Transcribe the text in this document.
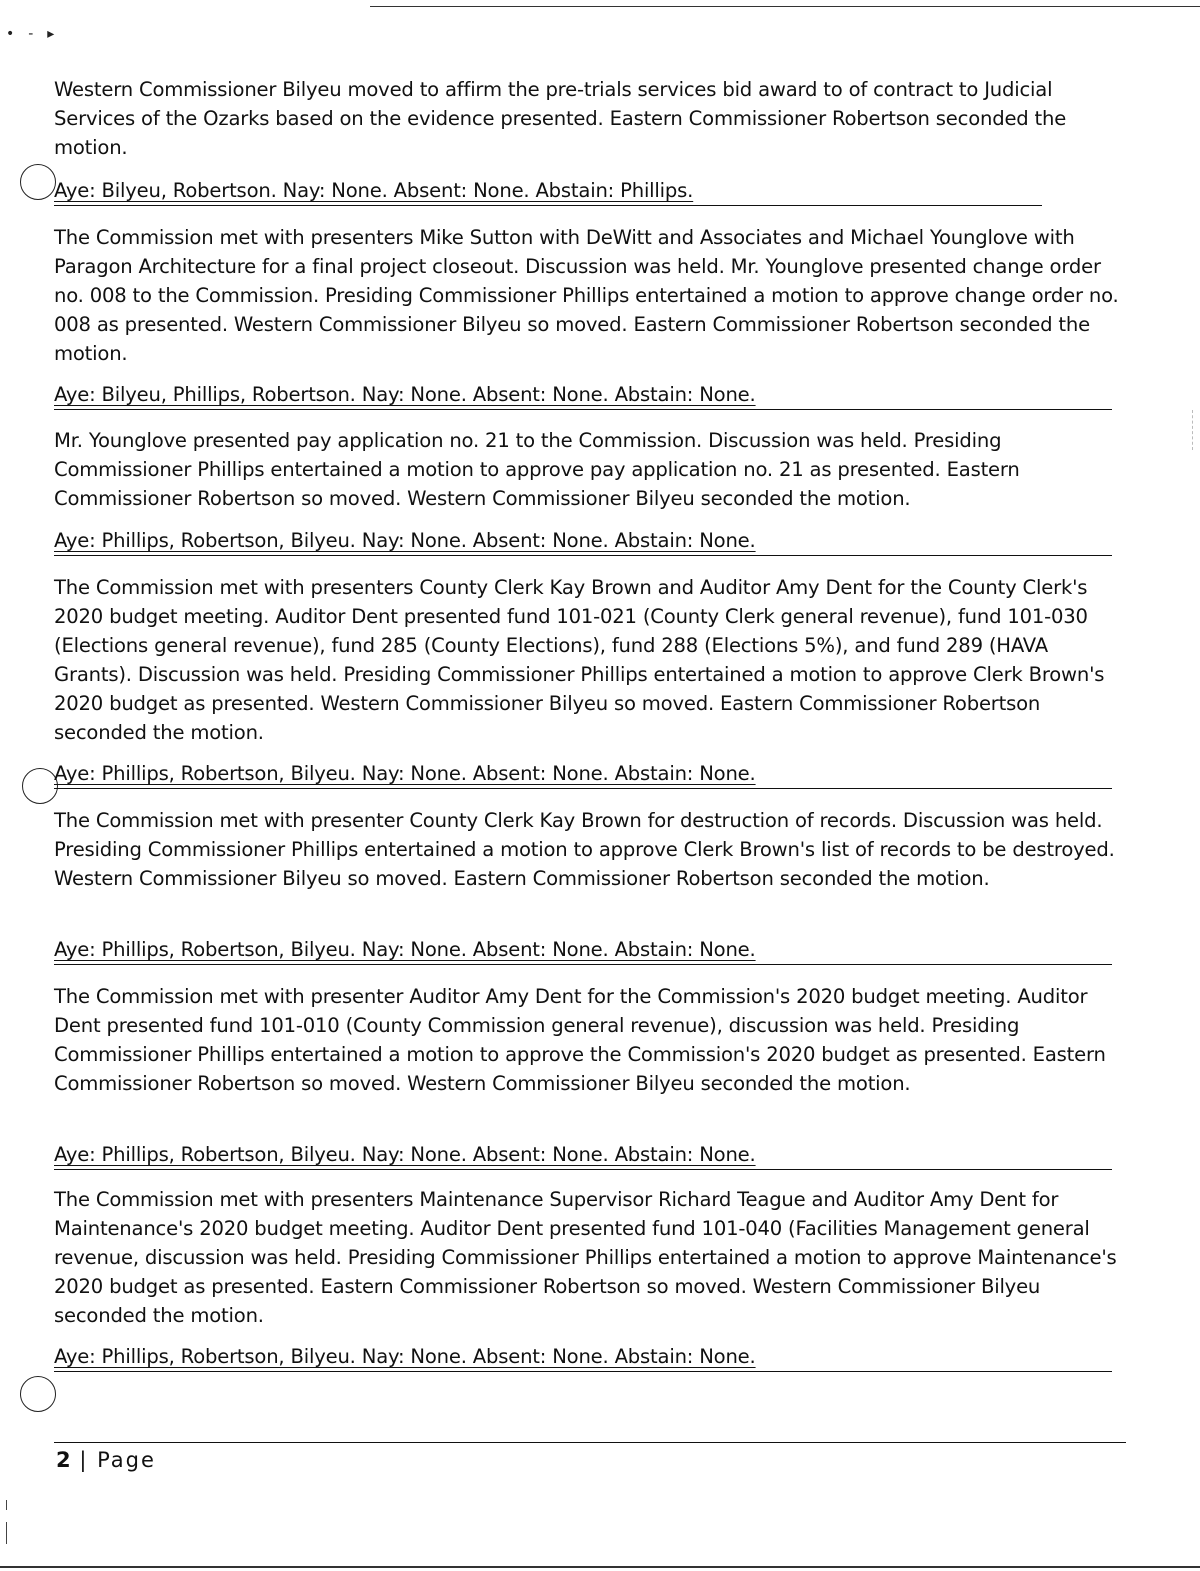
•-▸

Western Commissioner Bilyeu moved to affirm the pre-trials services bid award to of contract to Judicial Services of the Ozarks based on the evidence presented. Eastern Commissioner Robertson seconded the motion.

Aye: Bilyeu, Robertson. Nay: None. Absent: None. Abstain: Phillips.

The Commission met with presenters Mike Sutton with DeWitt and Associates and Michael Younglove with Paragon Architecture for a final project closeout. Discussion was held. Mr. Younglove presented change order no. 008 to the Commission. Presiding Commissioner Phillips entertained a motion to approve change order no. 008 as presented. Western Commissioner Bilyeu so moved. Eastern Commissioner Robertson seconded the motion.

Aye: Bilyeu, Phillips, Robertson. Nay: None. Absent: None. Abstain: None.

Mr. Younglove presented pay application no. 21 to the Commission. Discussion was held. Presiding Commissioner Phillips entertained a motion to approve pay application no. 21 as presented. Eastern Commissioner Robertson so moved. Western Commissioner Bilyeu seconded the motion.

Aye: Phillips, Robertson, Bilyeu. Nay: None. Absent: None. Abstain: None.

The Commission met with presenters County Clerk Kay Brown and Auditor Amy Dent for the County Clerk's 2020 budget meeting. Auditor Dent presented fund 101-021 (County Clerk general revenue), fund 101-030 (Elections general revenue), fund 285 (County Elections), fund 288 (Elections 5%), and fund 289 (HAVA Grants). Discussion was held. Presiding Commissioner Phillips entertained a motion to approve Clerk Brown's 2020 budget as presented. Western Commissioner Bilyeu so moved. Eastern Commissioner Robertson seconded the motion.

Aye: Phillips, Robertson, Bilyeu. Nay: None. Absent: None. Abstain: None.

The Commission met with presenter County Clerk Kay Brown for destruction of records. Discussion was held. Presiding Commissioner Phillips entertained a motion to approve Clerk Brown's list of records to be destroyed. Western Commissioner Bilyeu so moved. Eastern Commissioner Robertson seconded the motion.

Aye: Phillips, Robertson, Bilyeu. Nay: None. Absent: None. Abstain: None.

The Commission met with presenter Auditor Amy Dent for the Commission's 2020 budget meeting. Auditor Dent presented fund 101-010 (County Commission general revenue), discussion was held. Presiding Commissioner Phillips entertained a motion to approve the Commission's 2020 budget as presented. Eastern Commissioner Robertson so moved. Western Commissioner Bilyeu seconded the motion.

Aye: Phillips, Robertson, Bilyeu. Nay: None. Absent: None. Abstain: None.

The Commission met with presenters Maintenance Supervisor Richard Teague and Auditor Amy Dent for Maintenance's 2020 budget meeting. Auditor Dent presented fund 101-040 (Facilities Management general revenue, discussion was held. Presiding Commissioner Phillips entertained a motion to approve Maintenance's 2020 budget as presented. Eastern Commissioner Robertson so moved. Western Commissioner Bilyeu seconded the motion.

Aye: Phillips, Robertson, Bilyeu. Nay: None. Absent: None. Abstain: None.
2 | Page
